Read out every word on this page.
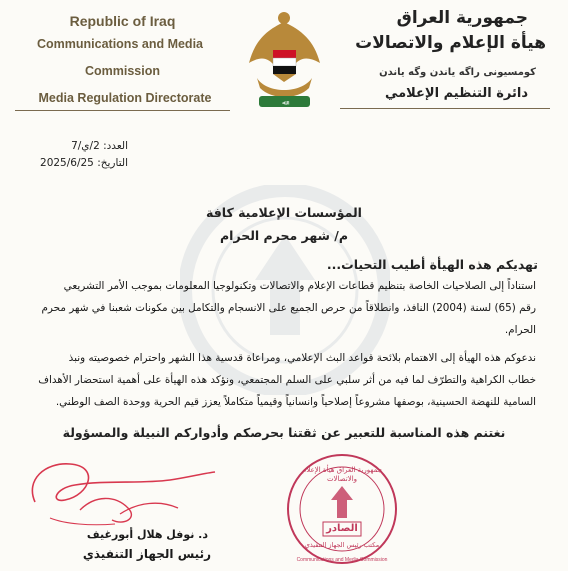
Republic of Iraq
Communications and Media
Commission
Media Regulation Directorate	ﷲ
جمهورية العراق
هيأة الإعلام والاتصالات
كومسيونى راگه ياندن وگه ياندن
دائرة التنظيم الإعلامي
العدد: 2/ي/7
التاريخ: 2025/6/25
المؤسسات الإعلامية كافة
م/ شهر محرم الحرام
تهديكم هذه الهيأة أطيب التحيات...
استناداً إلى الصلاحيات الخاصة بتنظيم قطاعات الإعلام والاتصالات وتكنولوجيا المعلومات بموجب الأمر التشريعي
رقم (65) لسنة (2004) النافذ، وانطلاقاً من حرص الجميع على الانسجام والتكامل بين مكونات شعبنا في شهر محرم
الحرام.
ندعوكم هذه الهيأة إلى الاهتمام بلائحة قواعد البث الإعلامي، ومراعاة قدسية هذا الشهر واحترام خصوصيته ونبذ
خطاب الكراهية والتطرّف لما فيه من أثر سلبي على السلم المجتمعي، ونؤكد هذه الهيأة على أهمية استحضار الأهداف
السامية للنهضة الحسينية، بوصفها مشروعاً إصلاحياً وانسانياً وقيمياً متكاملاً يعزز قيم الحرية ووحدة الصف الوطني.
نغتنم هذه المناسبة للتعبير عن ثقتنا بحرصكم وأدواركم النبيلة والمسؤولة
د. نوفل هلال أبورغيف
رئيس الجهاز التنفيذي
جمهورية العراق هيأة الإعلام والاتصالات
الصادر
مكتب رئيس الجهاز التنفيذي
Communications and Media Commission
